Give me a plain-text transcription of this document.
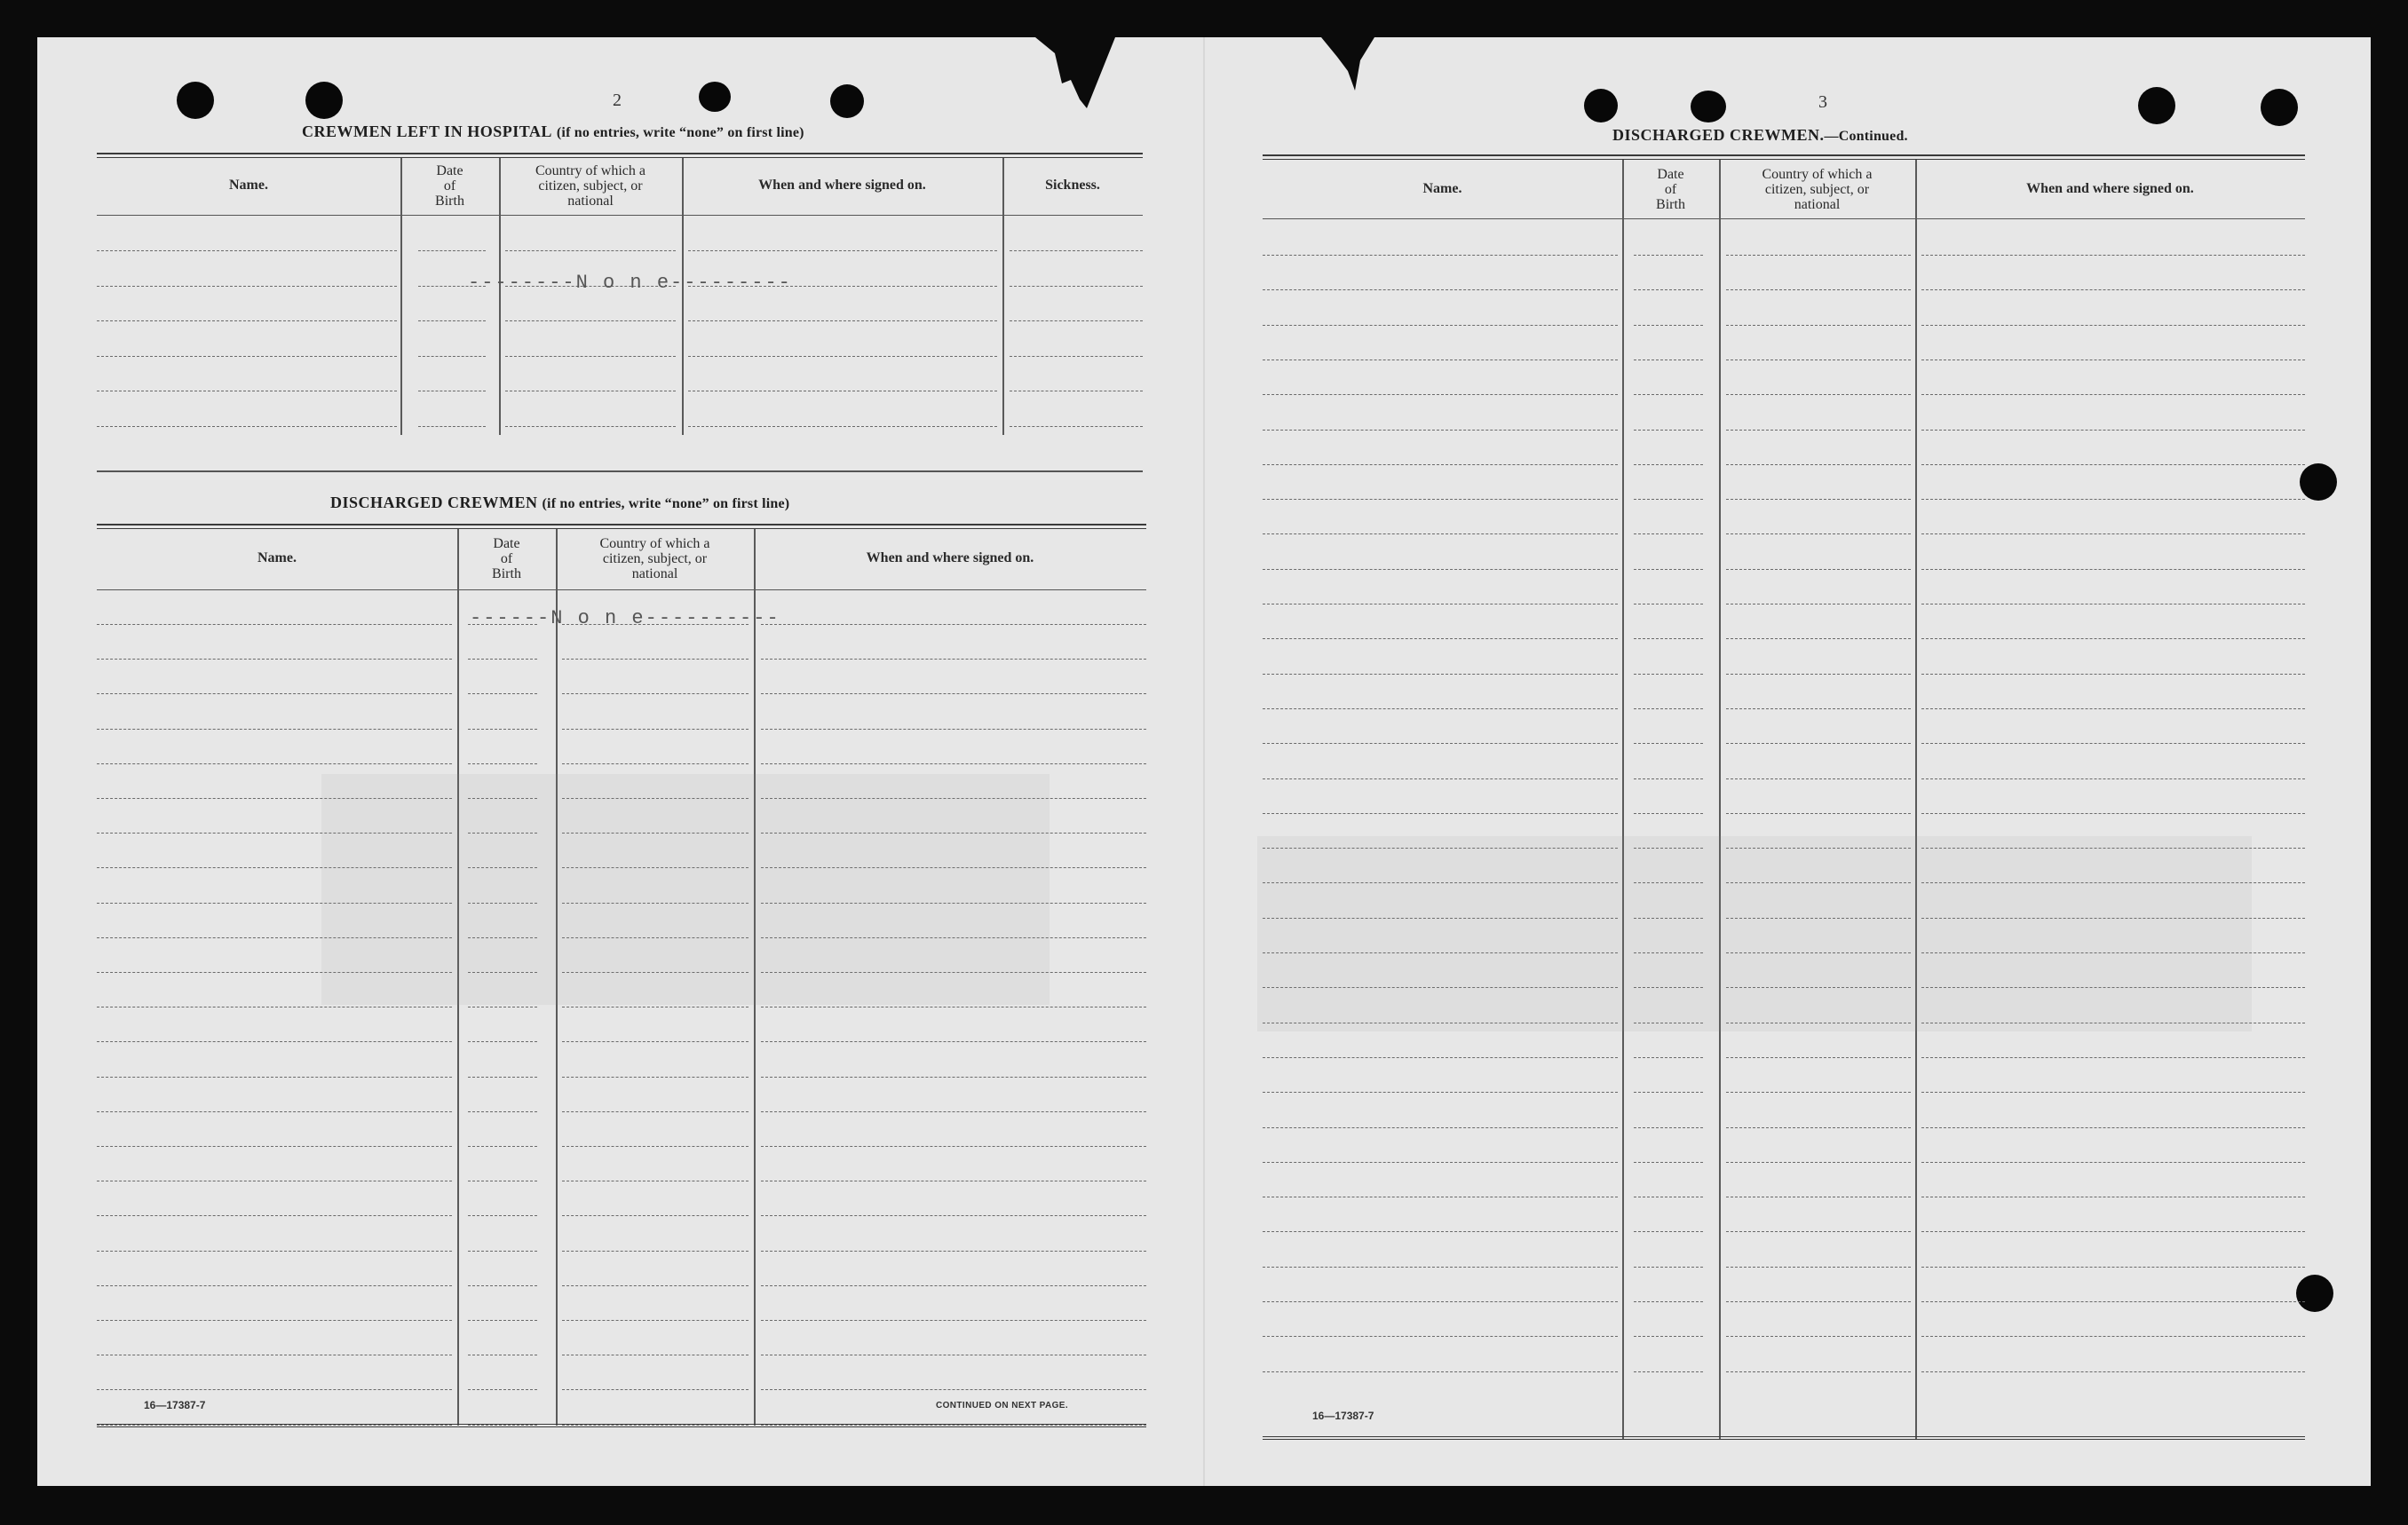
2
CREWMEN LEFT IN HOSPITAL (if no entries, write “none” on first line)
Name.
Date
of
Birth
Country of which a
citizen, subject, or
national
When and where signed on.	Sickness.
--------N o n e---------
DISCHARGED CREWMEN (if no entries, write “none” on first line)
Name.
Date
of
Birth
Country of which a
citizen, subject, or
national
When and where signed on.
------N o n e----------
16—17387-7	CONTINUED ON NEXT PAGE.
3
DISCHARGED CREWMEN.—Continued.
Name.
Date
of
Birth
Country of which a
citizen, subject, or
national
When and where signed on.
16—17387-7
